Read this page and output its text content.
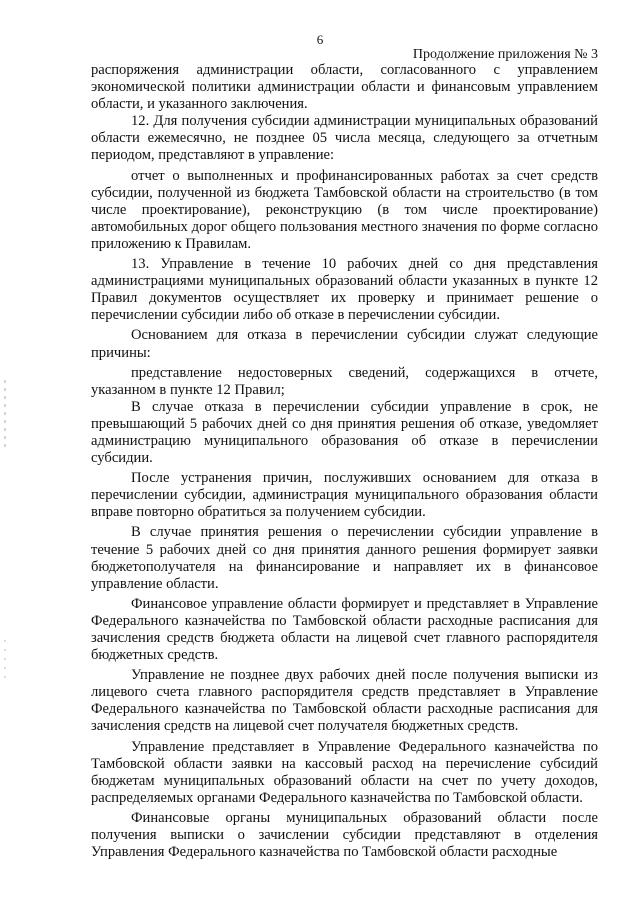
6
Продолжение приложения № 3

распоряжения администрации области, согласованного с управлением экономической политики администрации области и финансовым управлением области, и указанного заключения.

12. Для получения субсидии администрации муниципальных образований области ежемесячно, не позднее 05 числа месяца, следующего за отчетным периодом, представляют в управление:

отчет о выполненных и профинансированных работах за счет средств субсидии, полученной из бюджета Тамбовской области на строительство (в том числе проектирование), реконструкцию (в том числе проектирование) автомобильных дорог общего пользования местного значения по форме согласно приложению к Правилам.

13. Управление в течение 10 рабочих дней со дня представления администрациями муниципальных образований области указанных в пункте 12 Правил документов осуществляет их проверку и принимает решение о перечислении субсидии либо об отказе в перечислении субсидии.

Основанием для отказа в перечислении субсидии служат следующие причины:

представление недостоверных сведений, содержащихся в отчете, указанном в пункте 12 Правил;

В случае отказа в перечислении субсидии управление в срок, не превышающий 5 рабочих дней со дня принятия решения об отказе, уведомляет администрацию муниципального образования об отказе в перечислении субсидии.

После устранения причин, послуживших основанием для отказа в перечислении субсидии, администрация муниципального образования области вправе повторно обратиться за получением субсидии.

В случае принятия решения о перечислении субсидии управление в течение 5 рабочих дней со дня принятия данного решения формирует заявки бюджетополучателя на финансирование и направляет их в финансовое управление области.

Финансовое управление области формирует и представляет в Управление Федерального казначейства по Тамбовской области расходные расписания для зачисления средств бюджета области на лицевой счет главного распорядителя бюджетных средств.

Управление не позднее двух рабочих дней после получения выписки из лицевого счета главного распорядителя средств представляет в Управление Федерального казначейства по Тамбовской области расходные расписания для зачисления средств на лицевой счет получателя бюджетных средств.

Управление представляет в Управление Федерального казначейства по Тамбовской области заявки на кассовый расход на перечисление субсидий бюджетам муниципальных образований области на счет по учету доходов, распределяемых органами Федерального казначейства по Тамбовской области.

Финансовые органы муниципальных образований области после получения выписки о зачислении субсидии представляют в отделения Управления Федерального казначейства по Тамбовской области расходные
